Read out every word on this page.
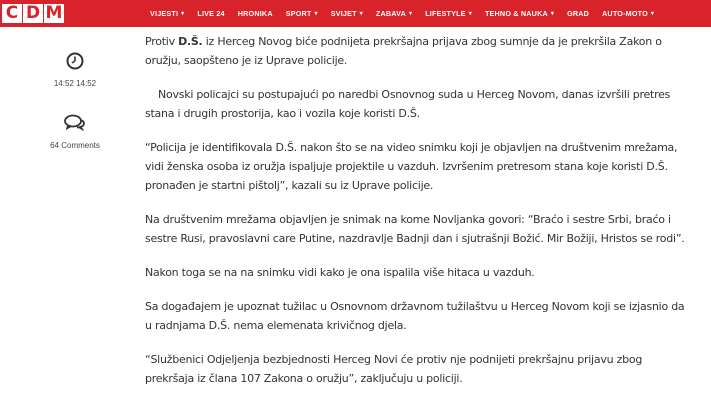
C D M	VIJESTI ▾ LIVE 24 HRONIKA SPORT ▾ SVIJET ▾ ZABAVA ▾ LIFESTYLE ▾ TEHNO & NAUKA ▾ GRAD AUTO-MOTO ▾
14:52 14:52
64 Comments

Protiv D.Š. iz Herceg Novog biće podnijeta prekršajna prijava zbog sumnje da je prekršila Zakon o oružju, saopšteno je iz Uprave policije.

Novski policajci su postupajući po naredbi Osnovnog suda u Herceg Novom, danas izvršili pretres stana i drugih prostorija, kao i vozila koje koristi D.Š.

“Policija je identifikovala D.Š. nakon što se na video snimku koji je objavljen na društvenim mrežama, vidi ženska osoba iz oružja ispaljuje projektile u vazduh. Izvršenim pretresom stana koje koristi D.Š. pronađen je startni pištolj”, kazali su iz Uprave policije.

Na društvenim mrežama objavljen je snimak na kome Novljanka govori: “Braćo i sestre Srbi, braćo i sestre Rusi, pravoslavni care Putine, nazdravlje Badnji dan i sjutrašnji Božić. Mir Božiji, Hristos se rodi”.

Nakon toga se na na snimku vidi kako je ona ispalila više hitaca u vazduh.

Sa događajem je upoznat tužilac u Osnovnom državnom tužilaštvu u Herceg Novom koji se izjasnio da u radnjama D.Š. nema elemenata krivičnog djela.

“Službenici Odjeljenja bezbjednosti Herceg Novi će protiv nje podnijeti prekršajnu prijavu zbog prekršaja iz člana 107 Zakona o oružju”, zaključuju u policiji.
